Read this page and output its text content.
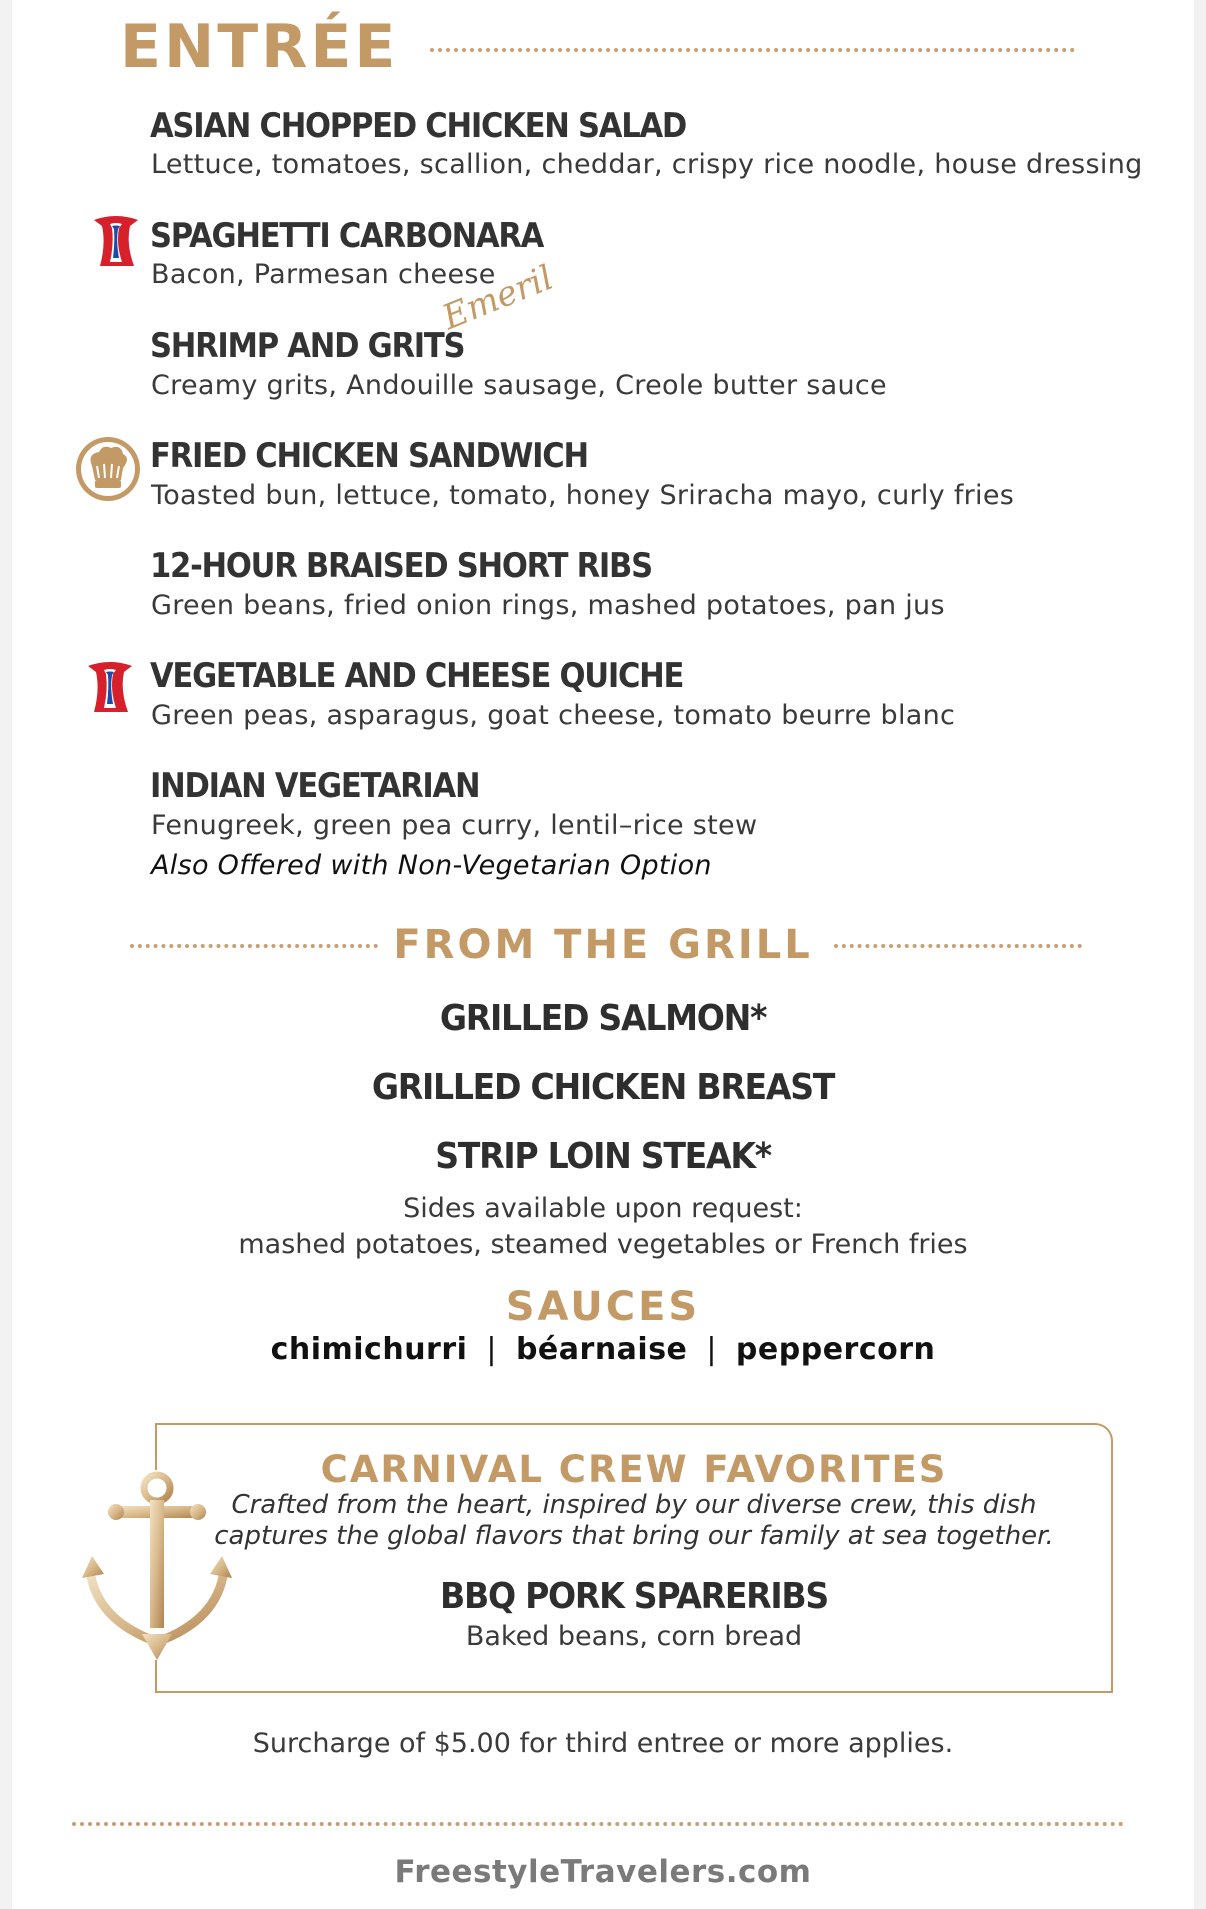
ENTRÉE

ASIAN CHOPPED CHICKEN SALAD

Lettuce, tomatoes, scallion, cheddar, crispy rice noodle, house dressing

SPAGHETTI CARBONARA

Bacon, Parmesan cheese

SHRIMP AND GRITS

Emeril

Creamy grits, Andouille sausage, Creole butter sauce

FRIED CHICKEN SANDWICH

Toasted bun, lettuce, tomato, honey Sriracha mayo, curly fries

12-HOUR BRAISED SHORT RIBS

Green beans, fried onion rings, mashed potatoes, pan jus

VEGETABLE AND CHEESE QUICHE

Green peas, asparagus, goat cheese, tomato beurre blanc

INDIAN VEGETARIAN

Fenugreek, green pea curry, lentil–rice stew

Also Offered with Non-Vegetarian Option

FROM THE GRILL

GRILLED SALMON*

GRILLED CHICKEN BREAST

STRIP LOIN STEAK*

Sides available upon request:

mashed potatoes, steamed vegetables or French fries

SAUCES
chimichurri | béarnaise | peppercorn
CARNIVAL CREW FAVORITES

Crafted from the heart, inspired by our diverse crew, this dish

captures the global flavors that bring our family at sea together.

BBQ PORK SPARERIBS

Baked beans, corn bread

Surcharge of $5.00 for third entree or more applies.

FreestyleTravelers.com
